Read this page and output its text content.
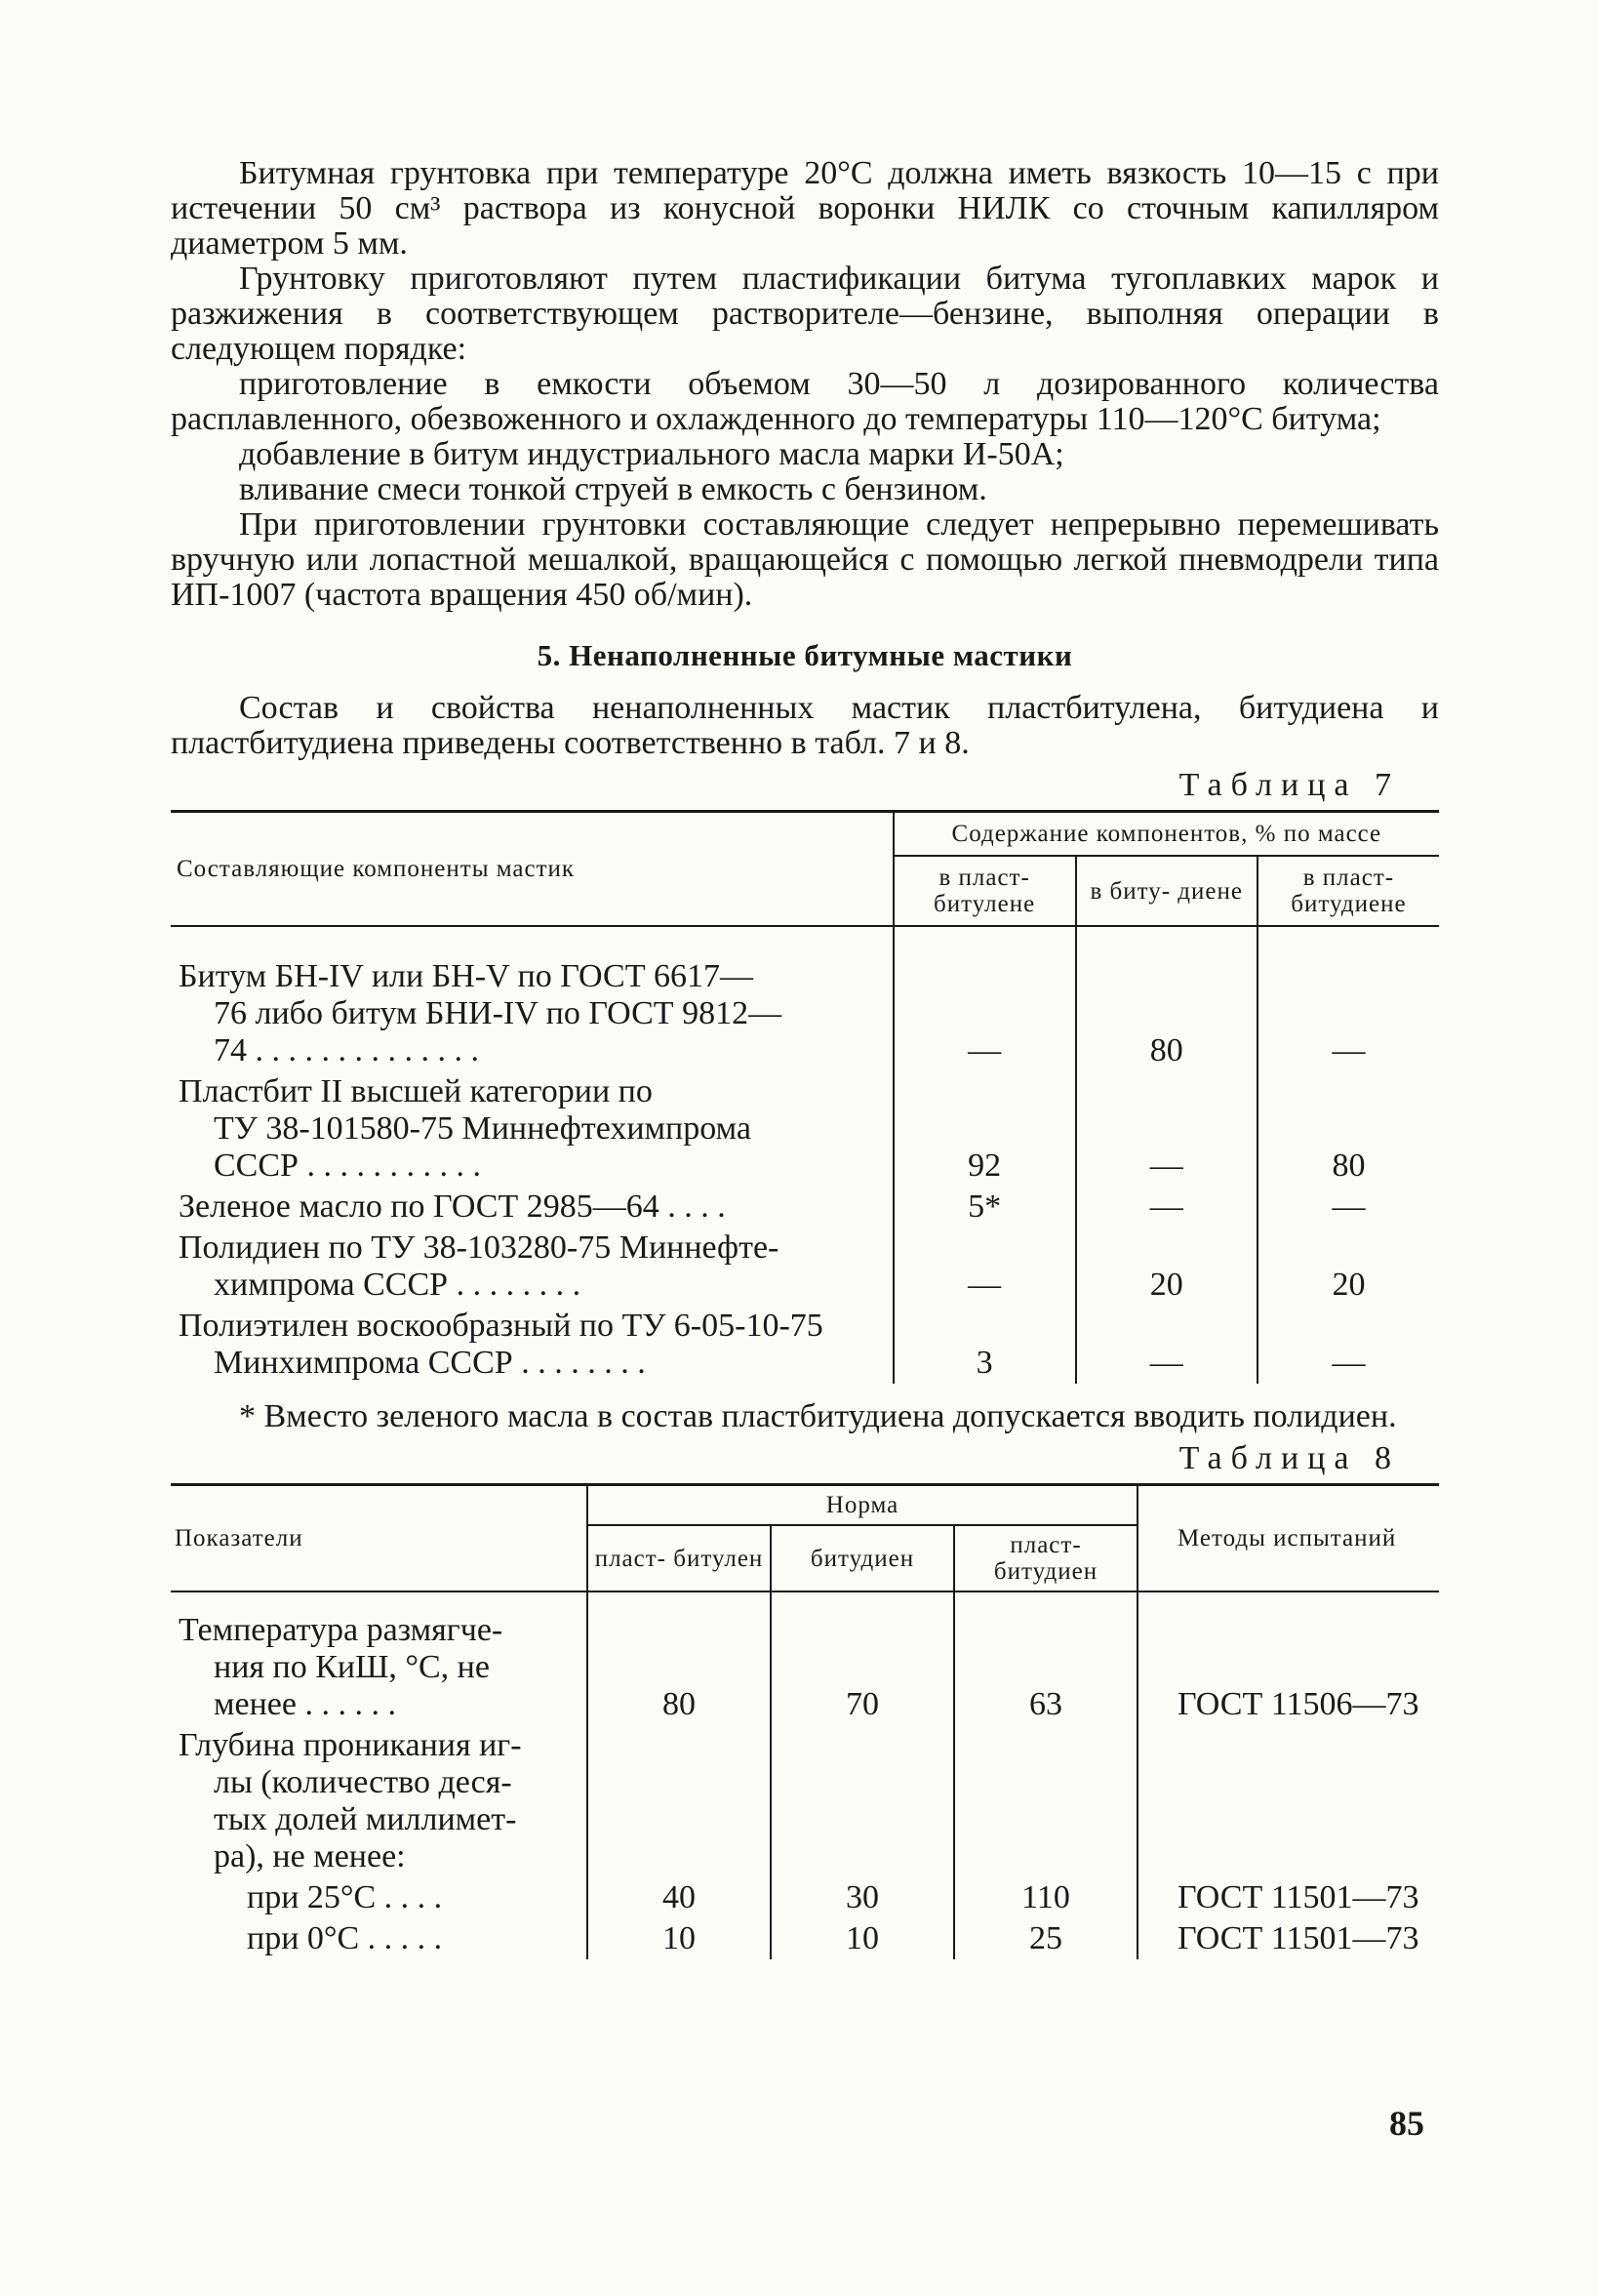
Битумная грунтовка при температуре 20°С должна иметь вязкость 10—15 с при истечении 50 см³ раствора из конусной воронки НИЛК со сточным капилляром диаметром 5 мм.

Грунтовку приготовляют путем пластификации битума тугоплавких марок и разжижения в соответствующем растворителе—бензине, выполняя операции в следующем порядке:

приготовление в емкости объемом 30—50 л дозированного количества расплавленного, обезвоженного и охлажденного до температуры 110—120°С битума;

добавление в битум индустриального масла марки И-50А;

вливание смеси тонкой струей в емкость с бензином.

При приготовлении грунтовки составляющие следует непрерывно перемешивать вручную или лопастной мешалкой, вращающейся с помощью легкой пневмодрели типа ИП-1007 (частота вращения 450 об/мин).

5. Ненаполненные битумные мастики

Состав и свойства ненаполненных мастик пластбитулена, битудиена и пластбитудиена приведены соответственно в табл. 7 и 8.

Таблица 7
Составляющие компоненты мастик	Содержание компонентов, % по массе		
	в пласт- битулене	в биту- диене	в пласт- битудиене

Битум БН-IV или БН-V по ГОСТ 6617—
76 либо битум БНИ-IV по ГОСТ 9812—
74 . . . . . . . . . . . . . .	—	80	—

Пластбит II высшей категории по
ТУ 38-101580-75 Миннефтехимпрома
СССР . . . . . . . . . . .	92	—	80

Зеленое масло по ГОСТ 2985—64 . . . .	5*	—	—

Полидиен по ТУ 38-103280-75 Миннефте-
химпрома СССР . . . . . . . .	—	20	20

Полиэтилен воскообразный по ТУ 6-05-10-75
Минхимпрома СССР . . . . . . . .	3	—	—
* Вместо зеленого масла в состав пластбитудиена допускается вводить полидиен.
Таблица 8
Показатели	Норма			Методы испытаний
	пласт- битулен	битудиен	пласт- битудиен	

Температура размягче-
ния по КиШ, °С, не
менее . . . . . .	80	70	63	ГОСТ 11506—73

Глубина проникания иг-
лы (количество деся-
тых долей миллимет-
ра), не менее:				

при 25°С . . . .	40	30	110	ГОСТ 11501—73

при 0°С . . . . .	10	10	25	ГОСТ 11501—73
85
